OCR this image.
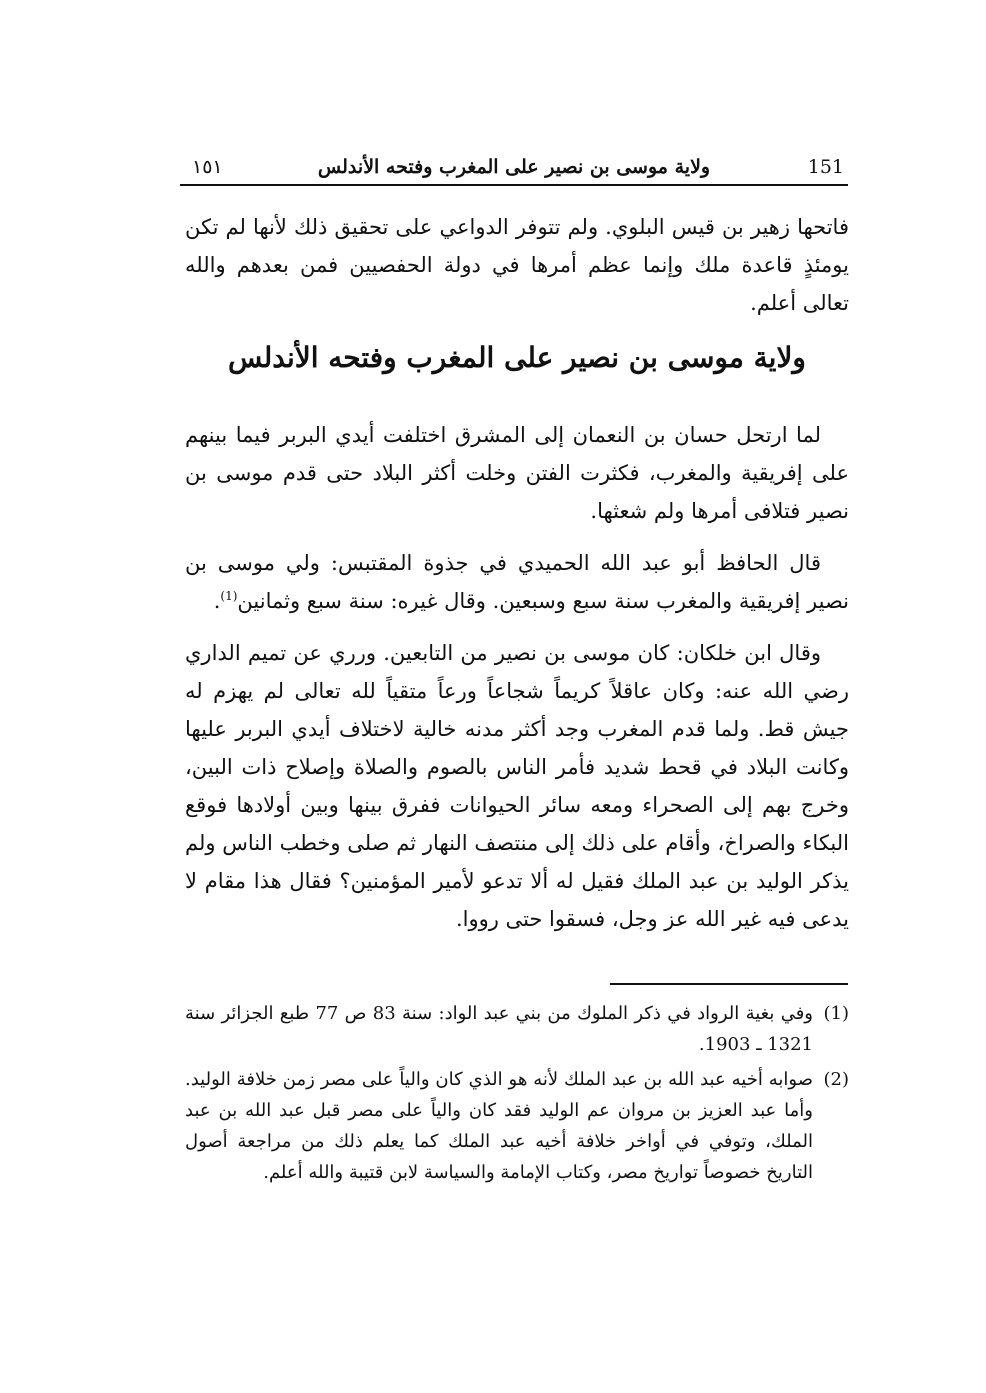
١٥١	ولاية موسى بن نصير على المغرب وفتحه الأندلس	151

فاتحها زهير بن قيس البلوي. ولم تتوفر الدواعي على تحقيق ذلك لأنها لم تكن يومئذٍ قاعدة ملك وإنما عظم أمرها في دولة الحفصيين فمن بعدهم والله تعالى أعلم.

ولاية موسى بن نصير على المغرب وفتحه الأندلس

لما ارتحل حسان بن النعمان إلى المشرق اختلفت أيدي البربر فيما بينهم على إفريقية والمغرب، فكثرت الفتن وخلت أكثر البلاد حتى قدم موسى بن نصير فتلافى أمرها ولم شعثها.

قال الحافظ أبو عبد الله الحميدي في جذوة المقتبس: ولي موسى بن نصير إفريقية والمغرب سنة سبع وسبعين. وقال غيره: سنة سبع وثمانين$^{(1)}$.

وقال ابن خلكان: كان موسى بن نصير من التابعين. ورري عن تميم الداري رضي الله عنه: وكان عاقلاً كريماً شجاعاً ورعاً متقياً لله تعالى لم يهزم له جيش قط. ولما قدم المغرب وجد أكثر مدنه خالية لاختلاف أيدي البربر عليها وكانت البلاد في قحط شديد فأمر الناس بالصوم والصلاة وإصلاح ذات البين، وخرج بهم إلى الصحراء ومعه سائر الحيوانات ففرق بينها وبين أولادها فوقع البكاء والصراخ، وأقام على ذلك إلى منتصف النهار ثم صلى وخطب الناس ولم يذكر الوليد بن عبد الملك فقيل له ألا تدعو لأمير المؤمنين؟ فقال هذا مقام لا يدعى فيه غير الله عز وجل، فسقوا حتى رووا.

(1)
وفي بغية الرواد في ذكر الملوك من بني عبد الواد: سنة 83 ص 77 طبع الجزائر سنة 1321 ـ 1903.
(2)
صوابه أخيه عبد الله بن عبد الملك لأنه هو الذي كان والياً على مصر زمن خلافة الوليد. وأما عبد العزيز بن مروان عم الوليد فقد كان والياً على مصر قبل عبد الله بن عبد الملك، وتوفي في أواخر خلافة أخيه عبد الملك كما يعلم ذلك من مراجعة أصول التاريخ خصوصاً تواريخ مصر، وكتاب الإمامة والسياسة لابن قتيبة والله أعلم.
